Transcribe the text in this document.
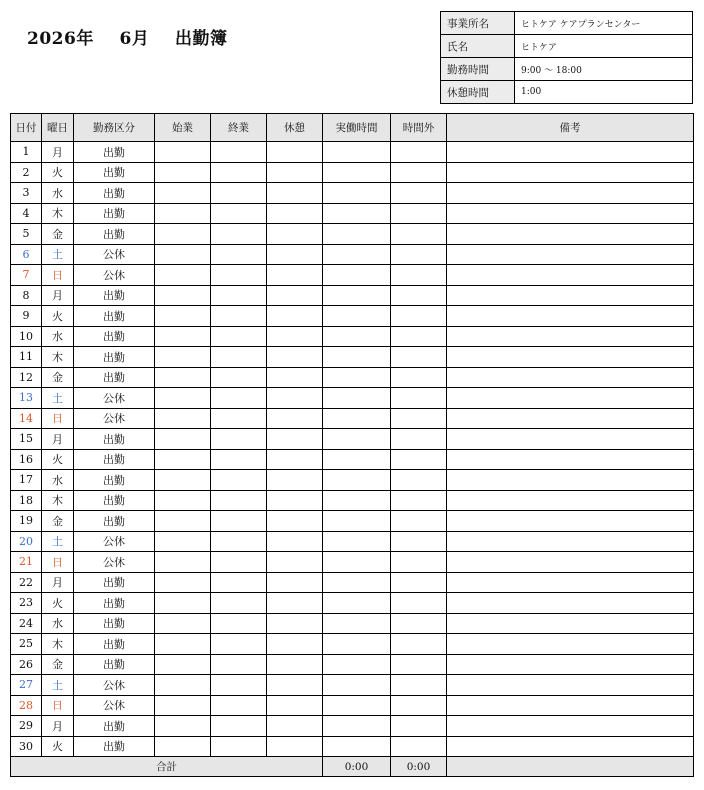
2026年 6月 出勤簿
事業所名	ヒトケア ケアプランセンター
氏名	ヒトケア
勤務時間	9:00 〜 18:00
休憩時間	1:00
日付	曜日	勤務区分	始業	終業	休憩	実働時間	時間外	備考
1	月	出勤						
2	火	出勤						
3	水	出勤						
4	木	出勤						
5	金	出勤						
6	土	公休						
7	日	公休						
8	月	出勤						
9	火	出勤						
10	水	出勤						
11	木	出勤						
12	金	出勤						
13	土	公休						
14	日	公休						
15	月	出勤						
16	火	出勤						
17	水	出勤						
18	木	出勤						
19	金	出勤						
20	土	公休						
21	日	公休						
22	月	出勤						
23	火	出勤						
24	水	出勤						
25	木	出勤						
26	金	出勤						
27	土	公休						
28	日	公休						
29	月	出勤						
30	火	出勤						
合計						0:00	0:00	
